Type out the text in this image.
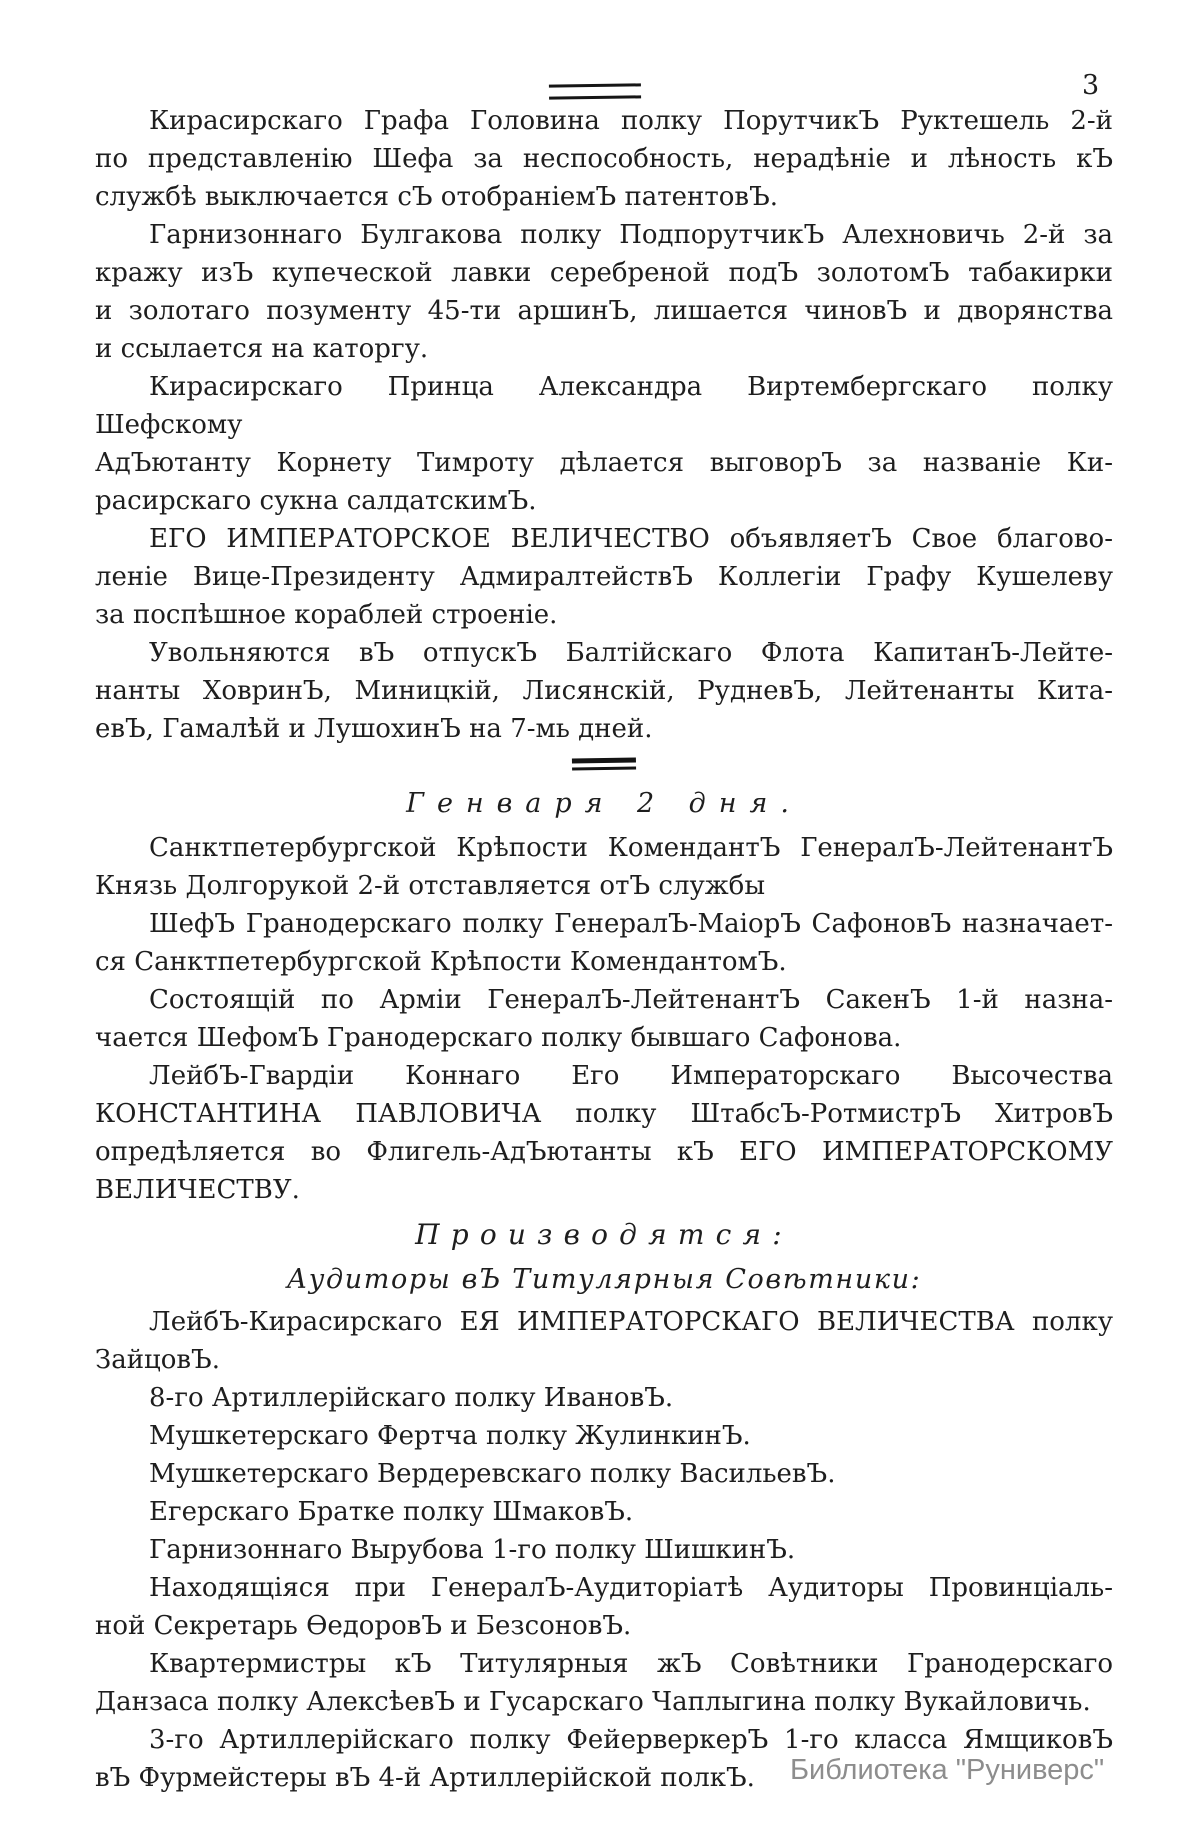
3
Кирасирскаго Графа Головина полку ПорутчикЪ Руктешель 2-й
по представленію Шефа за неспособность, нерадѣніе и лѣность кЪ
службѣ выключается сЪ отобраніемЪ патентовЪ.
Гарнизоннаго Булгакова полку ПодпорутчикЪ Алехновичь 2-й за
кражу изЪ купеческой лавки серебреной подЪ золотомЪ табакирки
и золотаго позументу 45-ти аршинЪ, лишается чиновЪ и дворянства
и ссылается на каторгу.
Кирасирскаго Принца Александра Виртембергскаго полку Шефскому
АдЪютанту Корнету Тимроту дѣлается выговорЪ за названіе Ки-
расирскаго сукна салдатскимЪ.
ЕГО ИМПЕРАТОРСКОЕ ВЕЛИЧЕСТВО объявляетЪ Свое благово-
леніе Вице-Президенту АдмиралтействЪ Коллегіи Графу Кушелеву
за поспѣшное кораблей строеніе.
Увольняются вЪ отпускЪ Балтійскаго Флота КапитанЪ-Лейте-
нанты ХовринЪ, Миницкій, Лисянскій, РудневЪ, Лейтенанты Кита-
евЪ, Гамалѣй и ЛушохинЪ на 7-мь дней.
Генваря 2 дня.
Санктпетербургской Крѣпости КомендантЪ ГенералЪ-ЛейтенантЪ
Князь Долгорукой 2-й отставляется отЪ службы
ШефЪ Гранодерскаго полку ГенералЪ-МаіорЪ СафоновЪ назначает-
ся Санктпетербургской Крѣпости КомендантомЪ.
Состоящій по Арміи ГенералЪ-ЛейтенантЪ СакенЪ 1-й назна-
чается ШефомЪ Гранодерскаго полку бывшаго Сафонова.
ЛейбЪ-Гвардіи Коннаго Его Императорскаго Высочества
КОНСТАНТИНА ПАВЛОВИЧА полку ШтабсЪ-РотмистрЪ ХитровЪ
опредѣляется во Флигель-АдЪютанты кЪ ЕГО ИМПЕРАТОРСКОМУ
ВЕЛИЧЕСТВУ.
Производятся:
Аудиторы вЪ Титулярныя Совѣтники:
ЛейбЪ-Кирасирскаго ЕЯ ИМПЕРАТОРСКАГО ВЕЛИЧЕСТВА полку
ЗайцовЪ.
8-го Артиллерійскаго полку ИвановЪ.
Мушкетерскаго Фертча полку ЖулинкинЪ.
Мушкетерскаго Вердеревскаго полку ВасильевЪ.
Егерскаго Братке полку ШмаковЪ.
Гарнизоннаго Вырубова 1-го полку ШишкинЪ.
Находящіяся при ГенералЪ-Аудиторіатѣ Аудиторы Провинціаль-
ной Секретарь ѲедоровЪ и БезсоновЪ.
Квартермистры кЪ Титулярныя жЪ Совѣтники Гранодерскаго
Данзаса полку АлексѣевЪ и Гусарскаго Чаплыгина полку Вукайловичь.
3-го Артиллерійскаго полку ФейерверкерЪ 1-го класса ЯмщиковЪ
вЪ Фурмейстеры вЪ 4-й Артиллерійской полкЪ.	Библиотека "Руниверс"
